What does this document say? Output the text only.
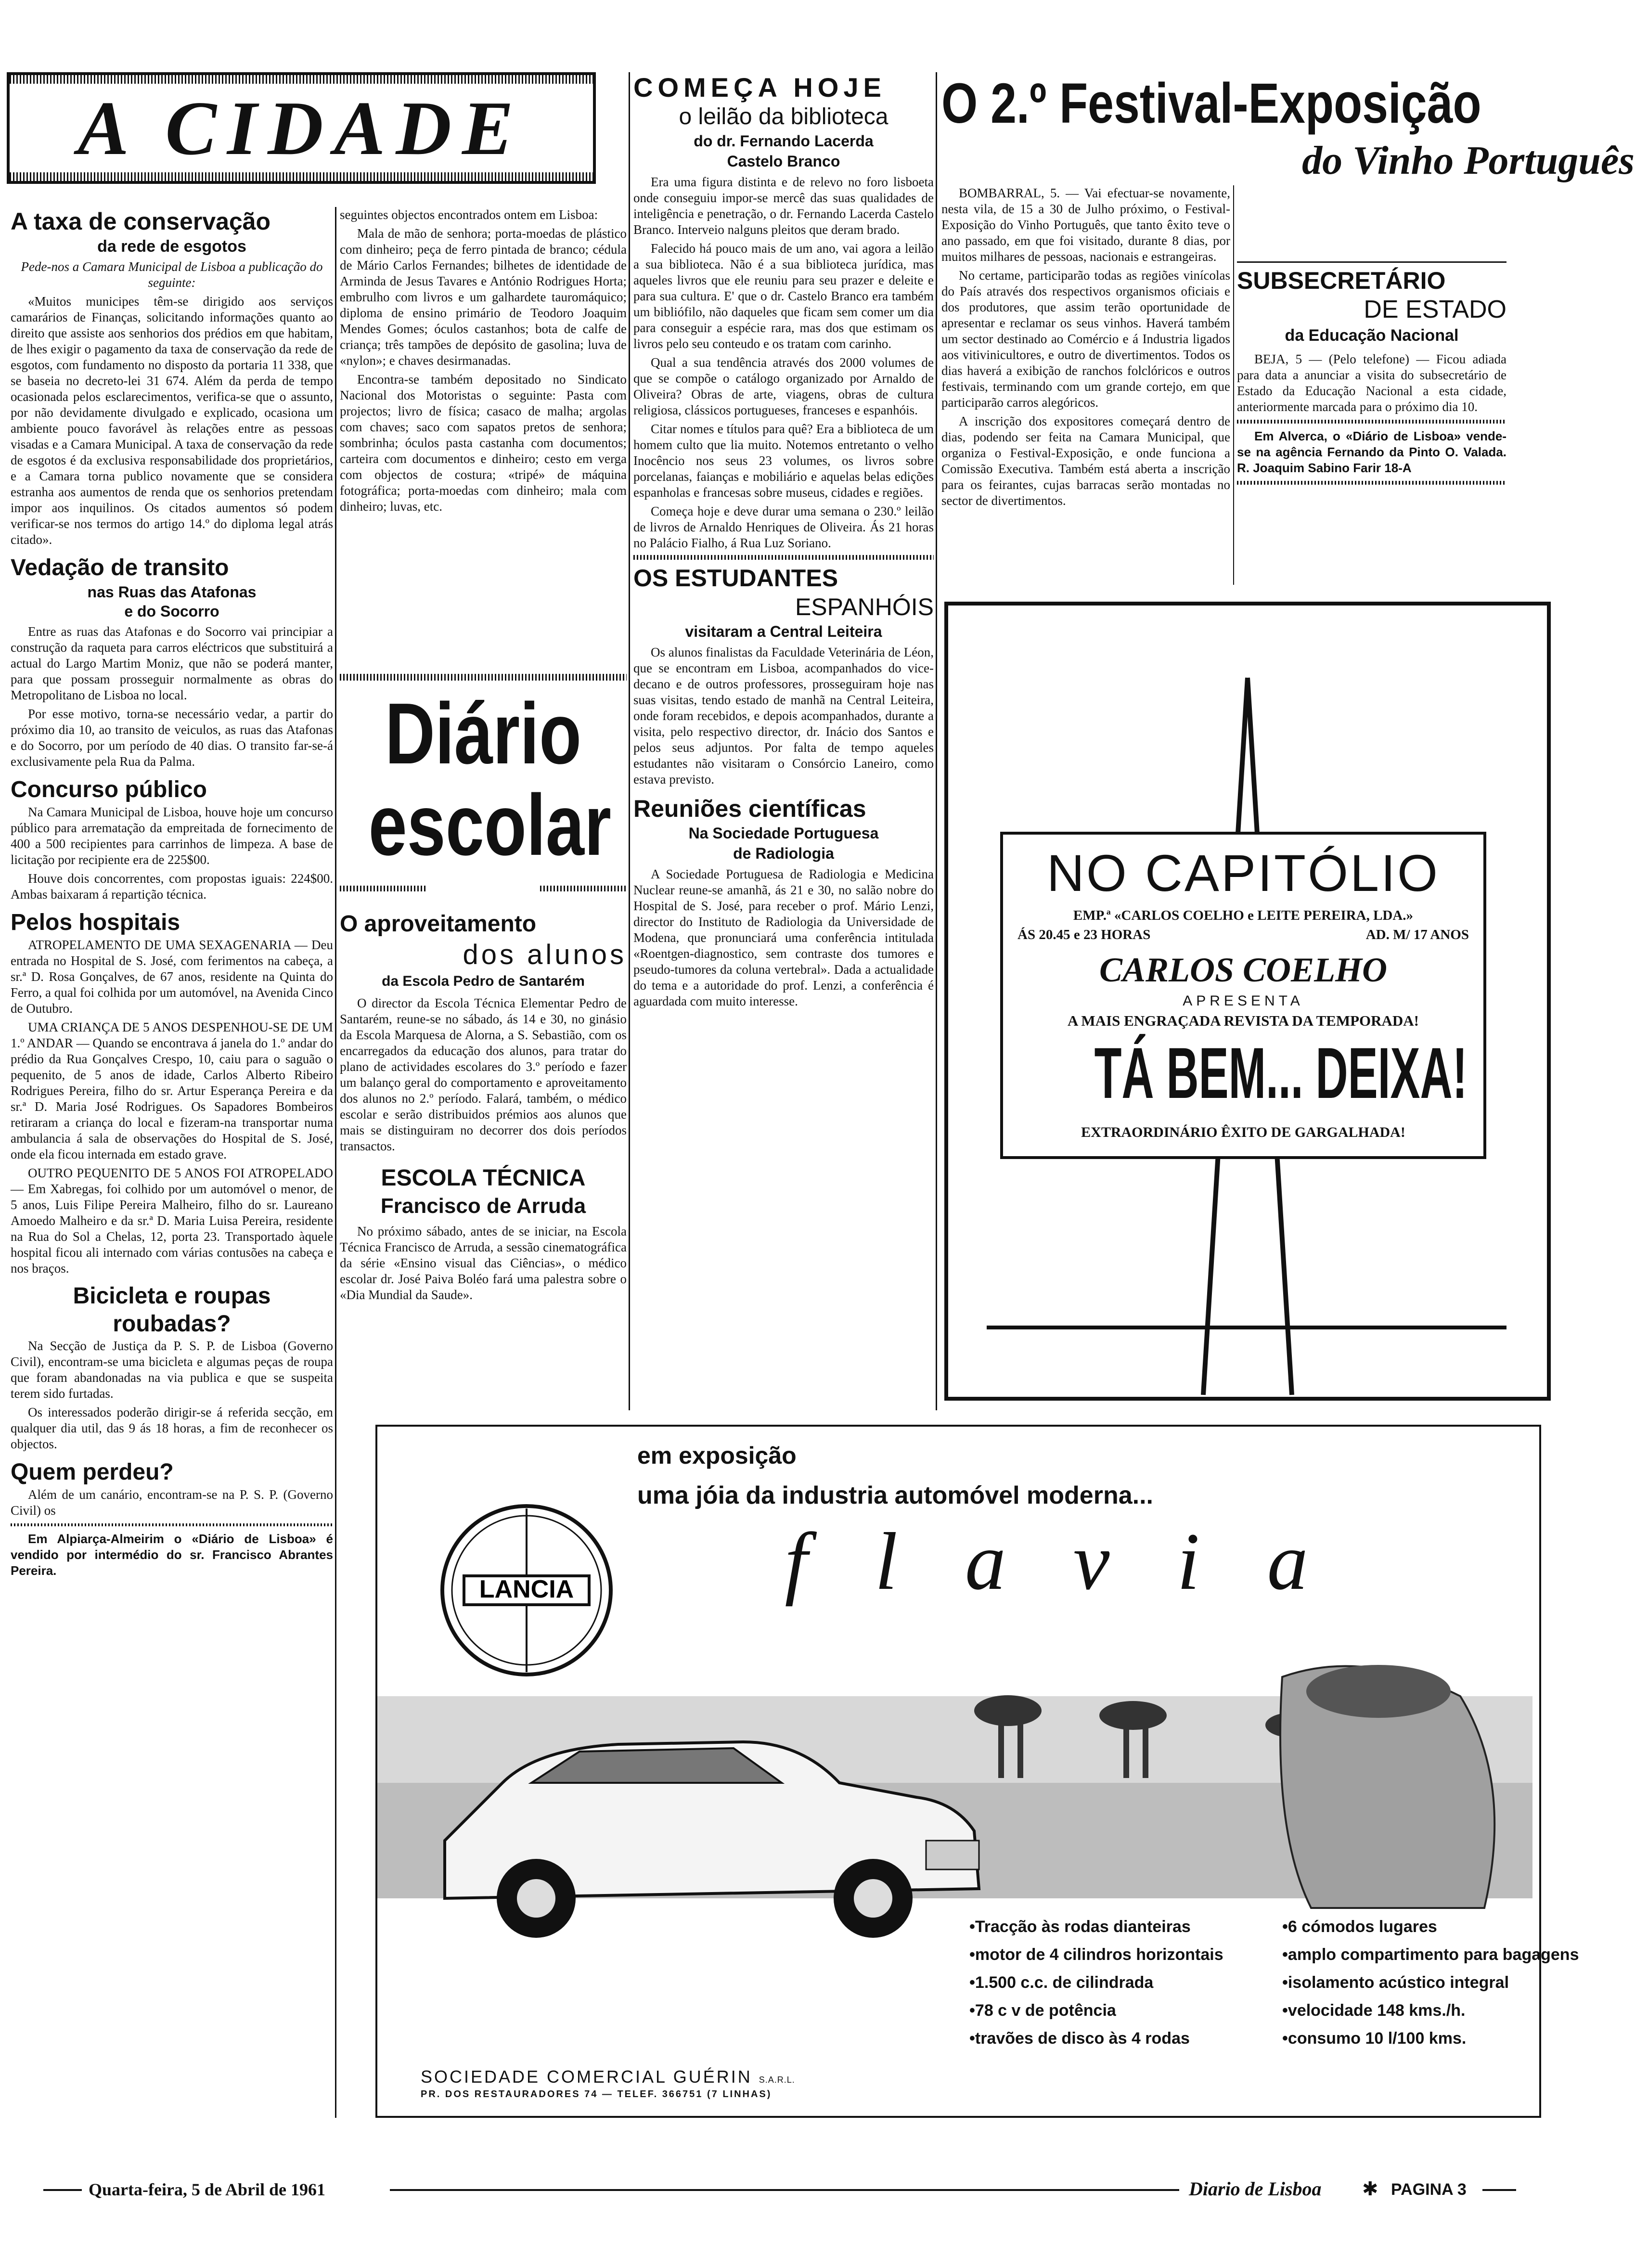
A CIDADE
A taxa de conservação
da rede de esgotos
Pede-nos a Camara Municipal de Lisboa a publicação do seguinte:

«Muitos municipes têm-se dirigido aos serviços camarários de Finanças, solicitando informações quanto ao direito que assiste aos senhorios dos prédios em que habitam, de lhes exigir o pagamento da taxa de conservação da rede de esgotos, com fundamento no disposto da portaria 11 338, que se baseia no decreto-lei 31 674. Além da perda de tempo ocasionada pelos esclarecimentos, verifica-se que o assunto, por não devidamente divulgado e explicado, ocasiona um ambiente pouco favorável às relações entre as pessoas visadas e a Camara Municipal. A taxa de conservação da rede de esgotos é da exclusiva responsabilidade dos proprietários, e a Camara torna publico novamente que se considera estranha aos aumentos de renda que os senhorios pretendam impor aos inquilinos. Os citados aumentos só podem verificar-se nos termos do artigo 14.º do diploma legal atrás citado».

Vedação de transito
nas Ruas das Atafonas
e do Socorro

Entre as ruas das Atafonas e do Socorro vai principiar a construção da raqueta para carros eléctricos que substituirá a actual do Largo Martim Moniz, que não se poderá manter, para que possam prosseguir normalmente as obras do Metropolitano de Lisboa no local.

Por esse motivo, torna-se necessário vedar, a partir do próximo dia 10, ao transito de veiculos, as ruas das Atafonas e do Socorro, por um período de 40 dias. O transito far-se-á exclusivamente pela Rua da Palma.

Concurso público

Na Camara Municipal de Lisboa, houve hoje um concurso público para arrematação da empreitada de fornecimento de 400 a 500 recipientes para carrinhos de limpeza. A base de licitação por recipiente era de 225$00.

Houve dois concorrentes, com propostas iguais: 224$00. Ambas baixaram á repartição técnica.

Pelos hospitais

ATROPELAMENTO DE UMA SEXAGENARIA — Deu entrada no Hospital de S. José, com ferimentos na cabeça, a sr.ª D. Rosa Gonçalves, de 67 anos, residente na Quinta do Ferro, a qual foi colhida por um automóvel, na Avenida Cinco de Outubro.

UMA CRIANÇA DE 5 ANOS DESPENHOU-SE DE UM 1.º ANDAR — Quando se encontrava á janela do 1.º andar do prédio da Rua Gonçalves Crespo, 10, caiu para o saguão o pequenito, de 5 anos de idade, Carlos Alberto Ribeiro Rodrigues Pereira, filho do sr. Artur Esperança Pereira e da sr.ª D. Maria José Rodrigues. Os Sapadores Bombeiros retiraram a criança do local e fizeram-na transportar numa ambulancia á sala de observações do Hospital de S. José, onde ela ficou internada em estado grave.

OUTRO PEQUENITO DE 5 ANOS FOI ATROPELADO — Em Xabregas, foi colhido por um automóvel o menor, de 5 anos, Luis Filipe Pereira Malheiro, filho do sr. Laureano Amoedo Malheiro e da sr.ª D. Maria Luisa Pereira, residente na Rua do Sol a Chelas, 12, porta 23. Transportado àquele hospital ficou ali internado com várias contusões na cabeça e nos braços.

Bicicleta e roupas
roubadas?

Na Secção de Justiça da P. S. P. de Lisboa (Governo Civil), encontram-se uma bicicleta e algumas peças de roupa que foram abandonadas na via publica e que se suspeita terem sido furtadas.

Os interessados poderão dirigir-se á referida secção, em qualquer dia util, das 9 ás 18 horas, a fim de reconhecer os objectos.

Quem perdeu?

Além de um canário, encontram-se na P. S. P. (Governo Civil) os

Em Alpiarça-Almeirim o «Diário de Lisboa» é vendido por intermédio do sr. Francisco Abrantes Pereira.

seguintes objectos encontrados ontem em Lisboa:

Mala de mão de senhora; porta-moedas de plástico com dinheiro; peça de ferro pintada de branco; cédula de Mário Carlos Fernandes; bilhetes de identidade de Arminda de Jesus Tavares e António Rodrigues Horta; embrulho com livros e um galhardete tauromáquico; diploma de ensino primário de Teodoro Joaquim Mendes Gomes; óculos castanhos; bota de calfe de criança; três tampões de depósito de gasolina; luva de «nylon»; e chaves desirmanadas.

Encontra-se também depositado no Sindicato Nacional dos Motoristas o seguinte: Pasta com projectos; livro de física; casaco de malha; argolas com chaves; saco com sapatos pretos de senhora; sombrinha; óculos pasta castanha com documentos; carteira com documentos e dinheiro; cesto em verga com objectos de costura; «tripé» de máquina fotográfica; porta-moedas com dinheiro; mala com dinheiro; luvas, etc.

Diário
escolar
O aproveitamento
dos alunos
da Escola Pedro de Santarém

O director da Escola Técnica Elementar Pedro de Santarém, reune-se no sábado, ás 14 e 30, no ginásio da Escola Marquesa de Alorna, a S. Sebastião, com os encarregados da educação dos alunos, para tratar do plano de actividades escolares do 3.º período e fazer um balanço geral do comportamento e aproveitamento dos alunos no 2.º período. Falará, também, o médico escolar e serão distribuidos prémios aos alunos que mais se distinguiram no decorrer dos dois períodos transactos.

ESCOLA TÉCNICA
Francisco de Arruda

No próximo sábado, antes de se iniciar, na Escola Técnica Francisco de Arruda, a sessão cinematográfica da série «Ensino visual das Ciências», o médico escolar dr. José Paiva Boléo fará uma palestra sobre o «Dia Mundial da Saude».

COMEÇA HOJE
o leilão da biblioteca
do dr. Fernando Lacerda
Castelo Branco

Era uma figura distinta e de relevo no foro lisboeta onde conseguiu impor-se mercê das suas qualidades de inteligência e penetração, o dr. Fernando Lacerda Castelo Branco. Interveio nalguns pleitos que deram brado.

Falecido há pouco mais de um ano, vai agora a leilão a sua biblioteca. Não é a sua biblioteca jurídica, mas aqueles livros que ele reuniu para seu prazer e deleite e para sua cultura. E' que o dr. Castelo Branco era também um bibliófilo, não daqueles que ficam sem comer um dia para conseguir a espécie rara, mas dos que estimam os livros pelo seu conteudo e os tratam com carinho.

Qual a sua tendência através dos 2000 volumes de que se compõe o catálogo organizado por Arnaldo de Oliveira? Obras de arte, viagens, obras de cultura religiosa, clássicos portugueses, franceses e espanhóis.

Citar nomes e títulos para quê? Era a biblioteca de um homem culto que lia muito. Notemos entretanto o velho Inocêncio nos seus 23 volumes, os livros sobre porcelanas, faianças e mobiliário e aquelas belas edições espanholas e francesas sobre museus, cidades e regiões.

Começa hoje e deve durar uma semana o 230.º leilão de livros de Arnaldo Henriques de Oliveira. Ás 21 horas no Palácio Fialho, á Rua Luz Soriano.

OS ESTUDANTES
ESPANHÓIS
visitaram a Central Leiteira

Os alunos finalistas da Faculdade Veterinária de Léon, que se encontram em Lisboa, acompanhados do vice-decano e de outros professores, prosseguiram hoje nas suas visitas, tendo estado de manhã na Central Leiteira, onde foram recebidos, e depois acompanhados, durante a visita, pelo respectivo director, dr. Inácio dos Santos e pelos seus adjuntos. Por falta de tempo aqueles estudantes não visitaram o Consórcio Laneiro, como estava previsto.

Reuniões científicas
Na Sociedade Portuguesa
de Radiologia

A Sociedade Portuguesa de Radiologia e Medicina Nuclear reune-se amanhã, ás 21 e 30, no salão nobre do Hospital de S. José, para receber o prof. Mário Lenzi, director do Instituto de Radiologia da Universidade de Modena, que pronunciará uma conferência intitulada «Roentgen-diagnostico, sem contraste dos tumores e pseudo-tumores da coluna vertebral». Dada a actualidade do tema e a autoridade do prof. Lenzi, a conferência é aguardada com muito interesse.

O 2.º Festival-Exposição
do Vinho Português

BOMBARRAL, 5. — Vai efectuar-se novamente, nesta vila, de 15 a 30 de Julho próximo, o Festival-Exposição do Vinho Português, que tanto êxito teve o ano passado, em que foi visitado, durante 8 dias, por muitos milhares de pessoas, nacionais e estrangeiras.

No certame, participarão todas as regiões vinícolas do País através dos respectivos organismos oficiais e dos produtores, que assim terão oportunidade de apresentar e reclamar os seus vinhos. Haverá também um sector destinado ao Comércio e á Industria ligados aos vitivinicultores, e outro de divertimentos. Todos os dias haverá a exibição de ranchos folclóricos e outros festivais, terminando com um grande cortejo, em que participarão carros alegóricos.

A inscrição dos expositores começará dentro de dias, podendo ser feita na Camara Municipal, que organiza o Festival-Exposição, e onde funciona a Comissão Executiva. Também está aberta a inscrição para os feirantes, cujas barracas serão montadas no sector de divertimentos.

SUBSECRETÁRIO
DE ESTADO
da Educação Nacional

BEJA, 5 — (Pelo telefone) — Ficou adiada para data a anunciar a visita do subsecretário de Estado da Educação Nacional a esta cidade, anteriormente marcada para o próximo dia 10.

Em Alverca, o «Diário de Lisboa» vende-se na agência Fernando da Pinto O. Valada. R. Joaquim Sabino Farir 18-A

NO CAPITÓLIO
EMP.ª «CARLOS COELHO e LEITE PEREIRA, LDA.»
ÁS 20.45 e 23 HORAS	AD. M/ 17 ANOS
CARLOS COELHO
APRESENTA
A MAIS ENGRAÇADA REVISTA DA TEMPORADA!
TÁ BEM... DEIXA!
EXTRAORDINÁRIO ÊXITO DE GARGALHADA!
em exposição
uma jóia da industria automóvel moderna...
flavia
LANCIA
•Tracção às rodas dianteiras
•motor de 4 cilindros horizontais
•1.500 c.c. de cilindrada
•78 c v de potência
•travões de disco às 4 rodas
•6 cómodos lugares
•amplo compartimento para bagagens
•isolamento acústico integral
•velocidade 148 kms./h.
•consumo 10 l/100 kms.
SOCIEDADE COMERCIAL GUÉRIN S.A.R.L.
PR. DOS RESTAURADORES 74 — TELEF. 366751 (7 LINHAS)
Quarta-feira, 5 de Abril de 1961	Diario de Lisboa ✱ PAGINA 3
